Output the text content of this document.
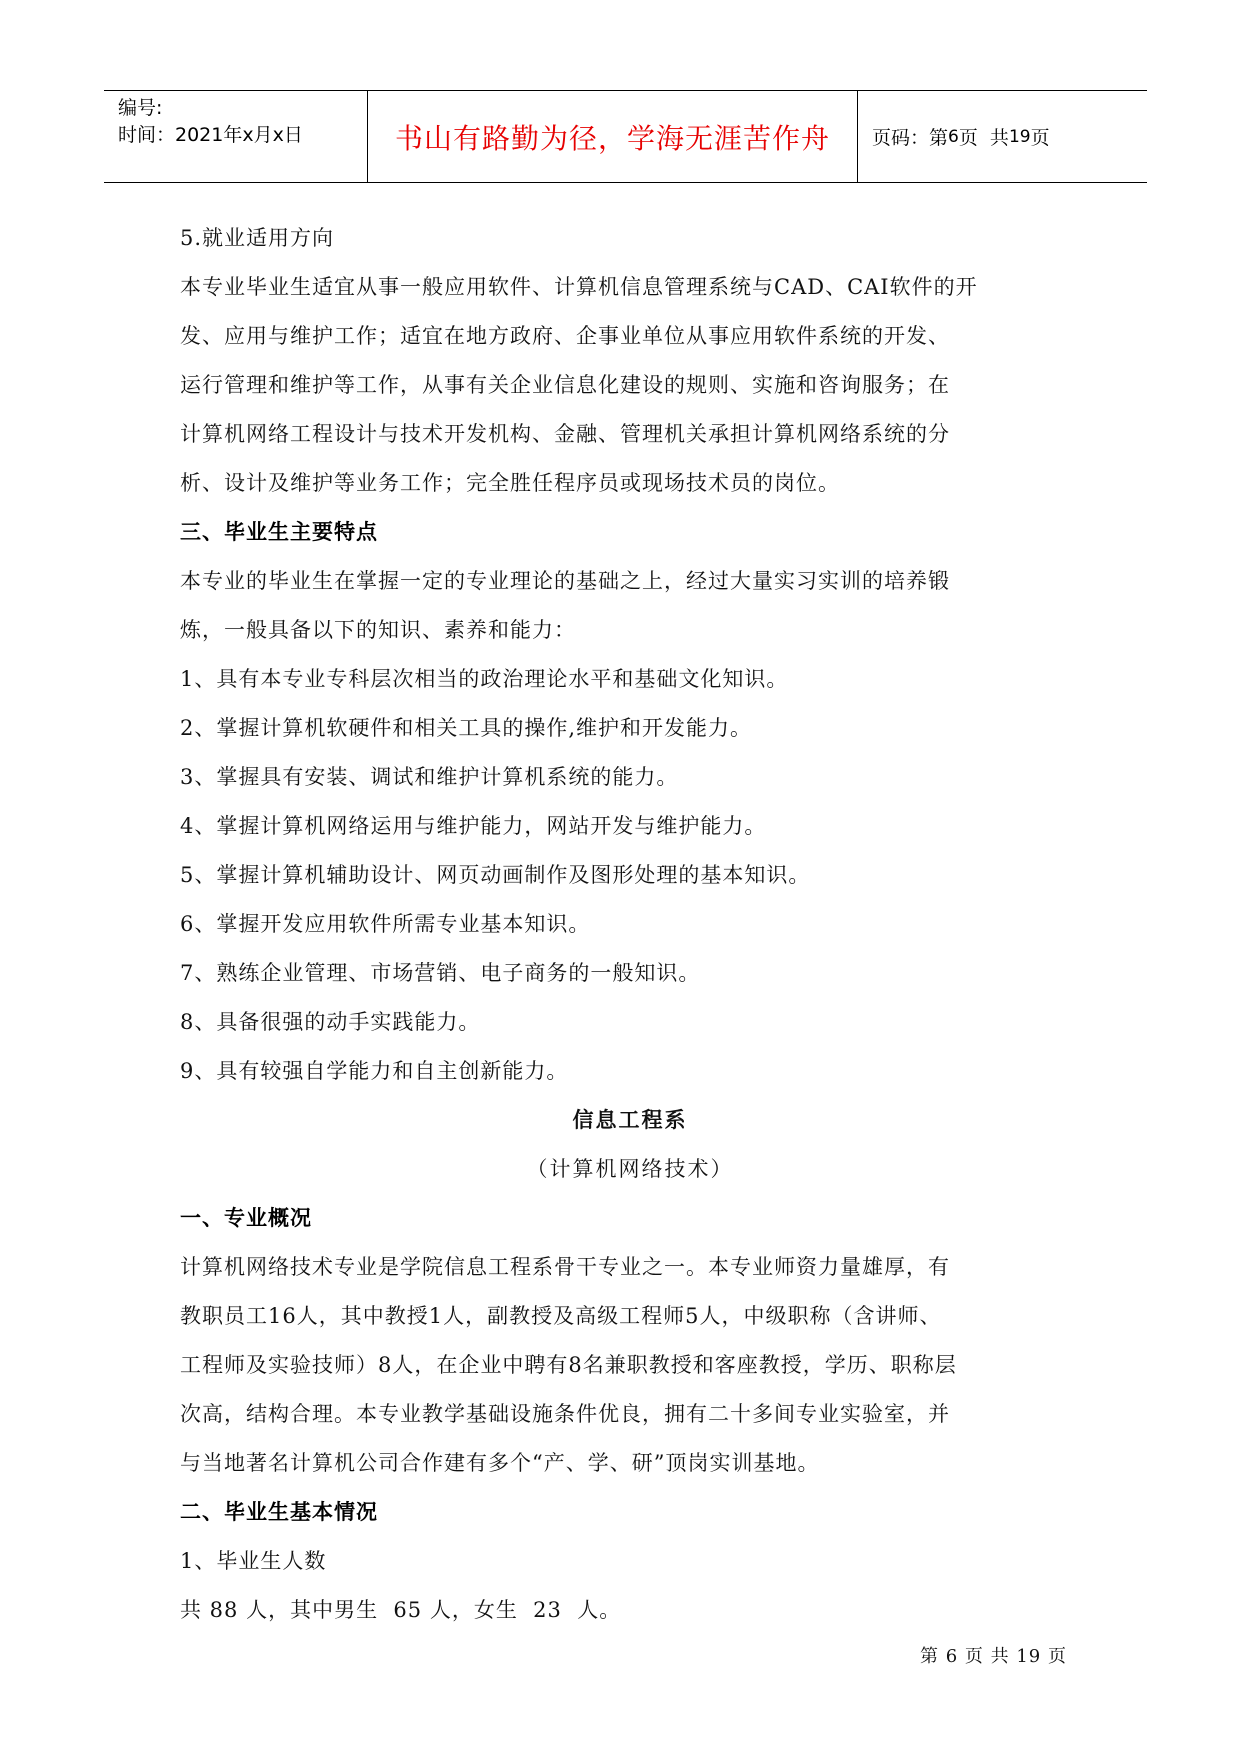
编号:
时间：2021年x月x日	书山有路勤为径，学海无涯苦作舟	页码：第 6 页  共 19 页

5.就业适用方向

本专业毕业生适宜从事一般应用软件、计算机信息管理系统与CAD、CAI软件的开

发、应用与维护工作；适宜在地方政府、企事业单位从事应用软件系统的开发、

运行管理和维护等工作，从事有关企业信息化建设的规则、实施和咨询服务；在

计算机网络工程设计与技术开发机构、金融、管理机关承担计算机网络系统的分

析、设计及维护等业务工作；完全胜任程序员或现场技术员的岗位。

三、毕业生主要特点

本专业的毕业生在掌握一定的专业理论的基础之上，经过大量实习实训的培养锻

炼，一般具备以下的知识、素养和能力：

1、具有本专业专科层次相当的政治理论水平和基础文化知识。

2、掌握计算机软硬件和相关工具的操作,维护和开发能力。

3、掌握具有安装、调试和维护计算机系统的能力。

4、掌握计算机网络运用与维护能力，网站开发与维护能力。

5、掌握计算机辅助设计、网页动画制作及图形处理的基本知识。

6、掌握开发应用软件所需专业基本知识。

7、熟练企业管理、市场营销、电子商务的一般知识。

8、具备很强的动手实践能力。

9、具有较强自学能力和自主创新能力。

信息工程系

（计算机网络技术）

一、专业概况

计算机网络技术专业是学院信息工程系骨干专业之一。本专业师资力量雄厚，有

教职员工16人，其中教授1人，副教授及高级工程师5人，中级职称（含讲师、

工程师及实验技师）8人，在企业中聘有8名兼职教授和客座教授，学历、职称层

次高，结构合理。本专业教学基础设施条件优良，拥有二十多间专业实验室，并

与当地著名计算机公司合作建有多个“产、学、研”顶岗实训基地。

二、毕业生基本情况

1、毕业生人数

共 88 人，其中男生  65 人，女生  23  人。

第 6 页 共 19 页
